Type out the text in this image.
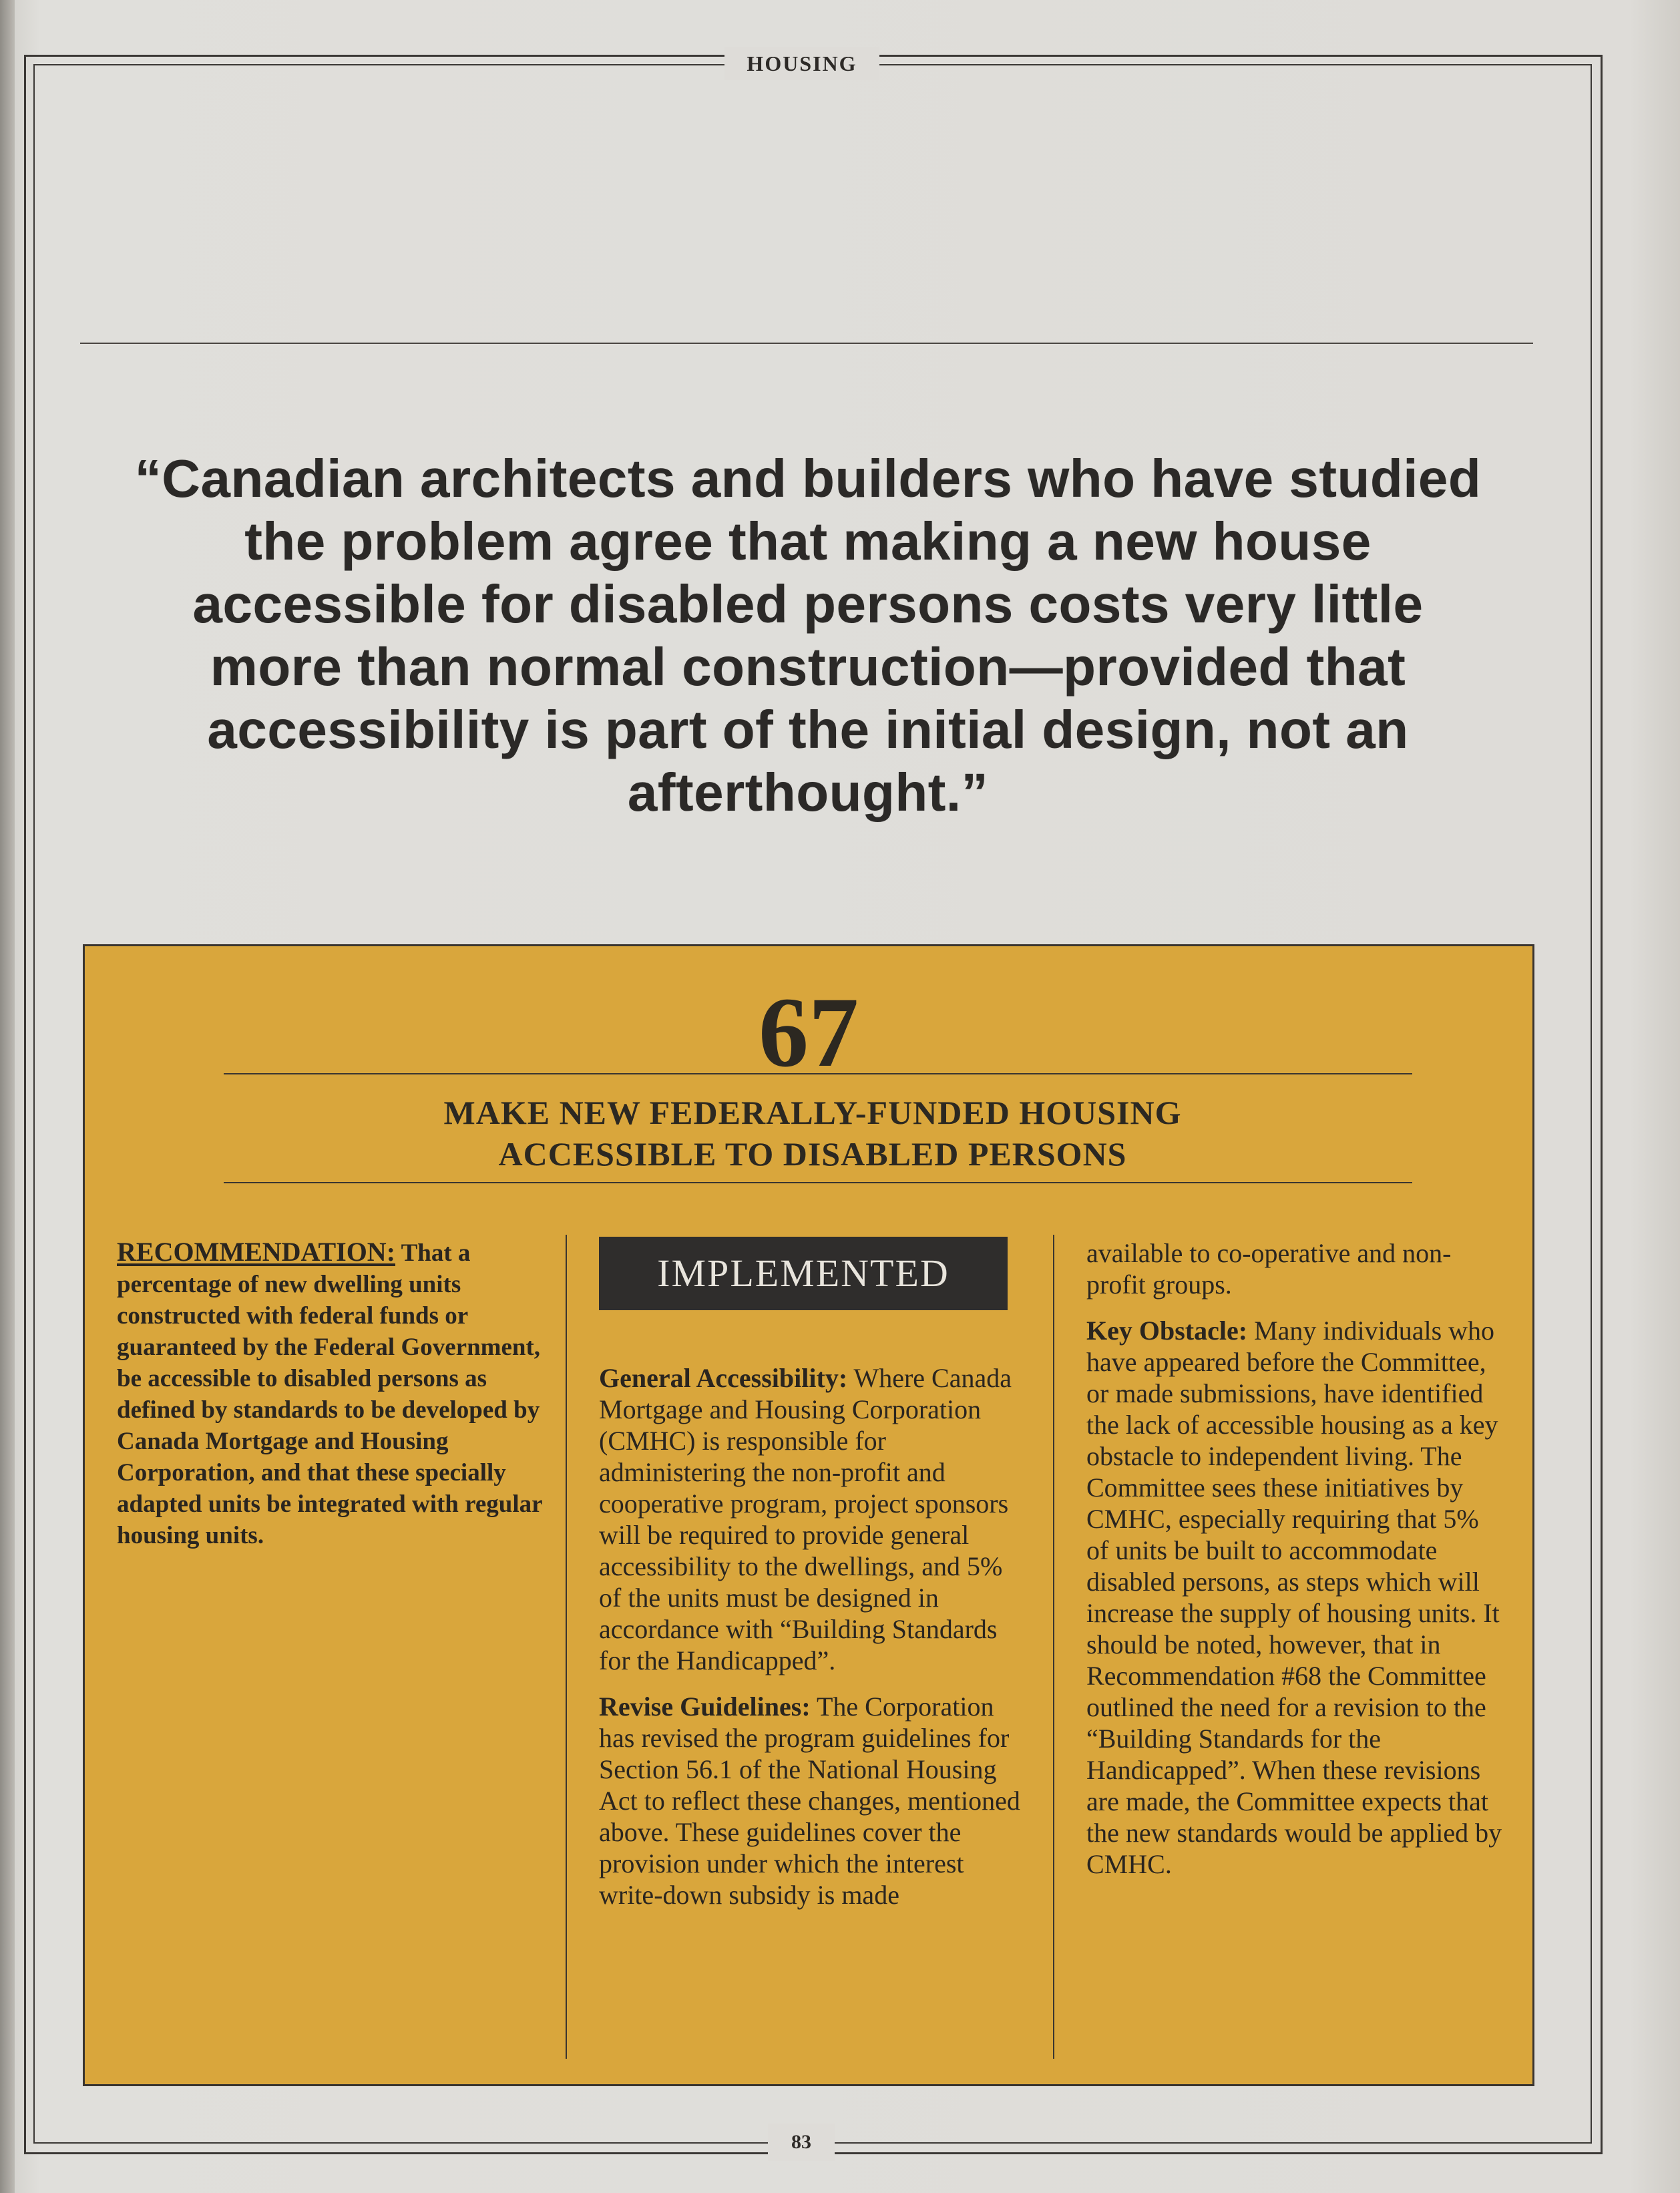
HOUSING
83
“Canadian architects and builders who have studied the problem agree that making a new house accessible for disabled persons costs very little more than normal construction—provided that accessibility is part of the initial design, not an afterthought.”
67
MAKE NEW FEDERALLY-FUNDED HOUSING
ACCESSIBLE TO DISABLED PERSONS
RECOMMENDATION: That a percentage of new dwelling units constructed with federal funds or guaranteed by the Federal Government, be accessible to disabled persons as defined by standards to be developed by Canada Mortgage and Housing Corporation, and that these specially adapted units be integrated with regular housing units.
IMPLEMENTED

General Accessibility: Where Canada Mortgage and Housing Corporation (CMHC) is responsible for administering the non-profit and cooperative program, project sponsors will be required to provide general accessibility to the dwellings, and 5% of the units must be designed in accordance with “Building Standards for the Handicapped”.

Revise Guidelines: The Corporation has revised the program guidelines for Section 56.1 of the National Housing Act to reflect these changes, mentioned above. These guidelines cover the provision under which the interest write-down subsidy is made

available to co-operative and non-profit groups.

Key Obstacle: Many individuals who have appeared before the Committee, or made submissions, have identified the lack of accessible housing as a key obstacle to independent living. The Committee sees these initiatives by CMHC, especially requiring that 5% of units be built to accommodate disabled persons, as steps which will increase the supply of housing units. It should be noted, however, that in Recommendation #68 the Committee outlined the need for a revision to the “Building Standards for the Handicapped”. When these revisions are made, the Committee expects that the new standards would be applied by CMHC.
